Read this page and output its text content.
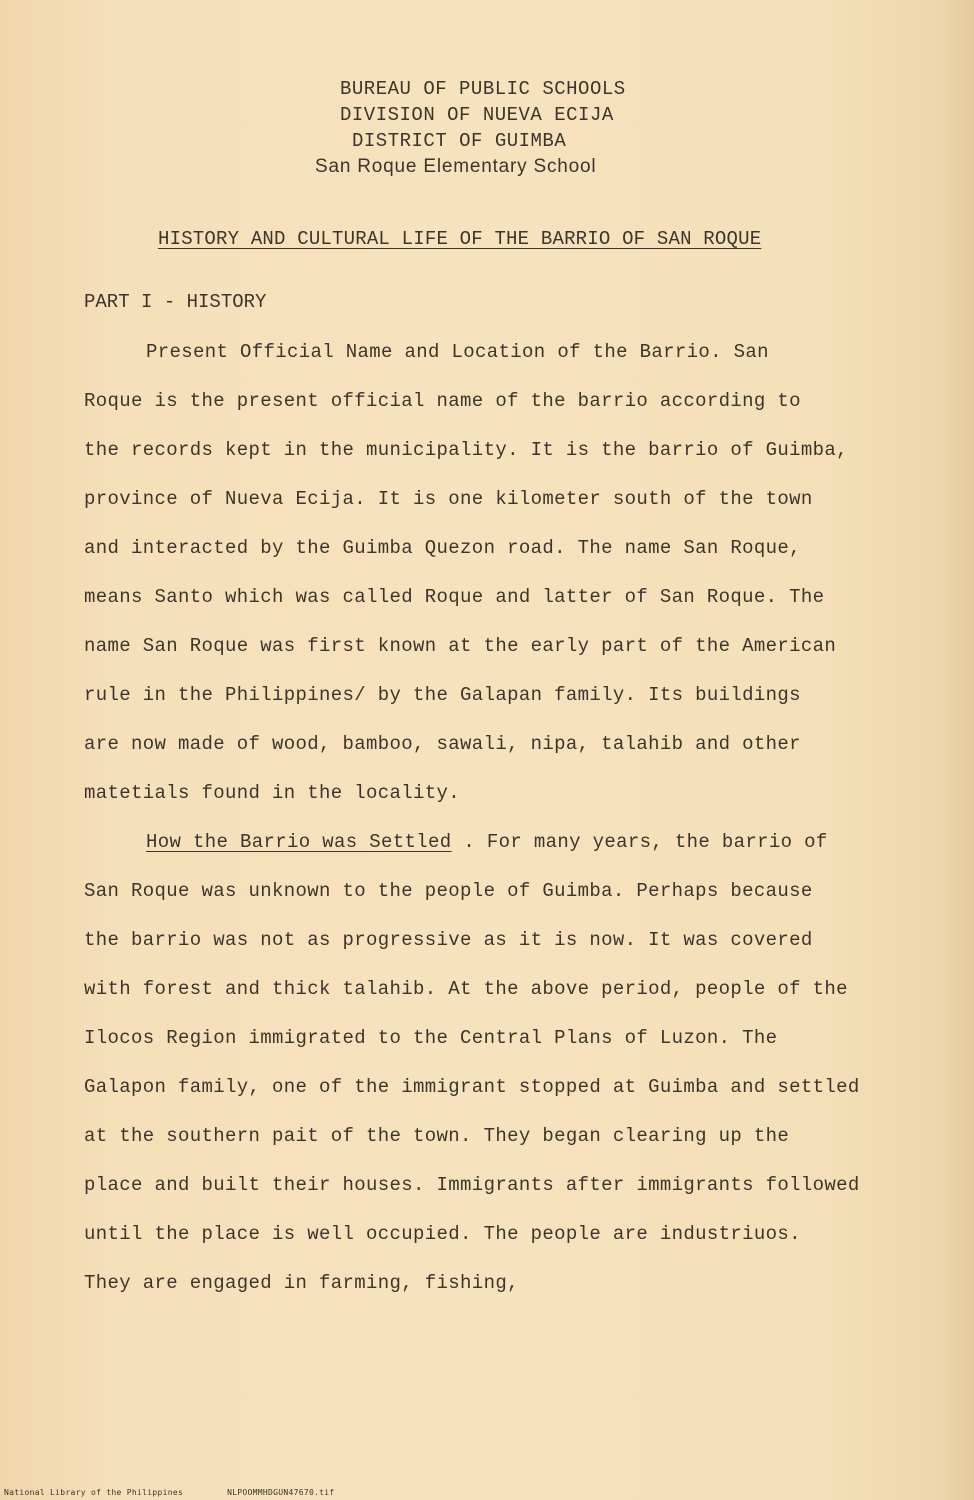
BUREAU OF PUBLIC SCHOOLS
DIVISION OF NUEVA ECIJA
DISTRICT OF GUIMBA
San Roque Elementary School
HISTORY AND CULTURAL LIFE OF THE BARRIO OF SAN ROQUE
PART I - HISTORY
Present Official Name and Location of the Barrio. San
Roque is the present official name of the barrio according to
the records kept in the municipality. It is the barrio of Guimba,
province of Nueva Ecija. It is one kilometer south of the town
and interacted by the Guimba Quezon road. The name San Roque,
means Santo which was called Roque and latter of San Roque. The
name San Roque was first known at the early part of the American
rule in the Philippines/ by the Galapan family. Its buildings
are now made of wood, bamboo, sawali, nipa, talahib and other
matetials found in the locality.
How the Barrio was Settled . For many years, the barrio of
San Roque was unknown to the people of Guimba. Perhaps because
the barrio was not as progressive as it is now. It was covered
with forest and thick talahib. At the above period, people of the
Ilocos Region immigrated to the Central Plans of Luzon. The
Galapon family, one of the immigrant stopped at Guimba and settled
at the southern pait of the town. They began clearing up the
place and built their houses. Immigrants after immigrants followed
until the place is well occupied. The people are industriuos.
They are engaged in farming, fishing,
National Library of the Philippines	NLPOOMMHDGUN47670.tif
